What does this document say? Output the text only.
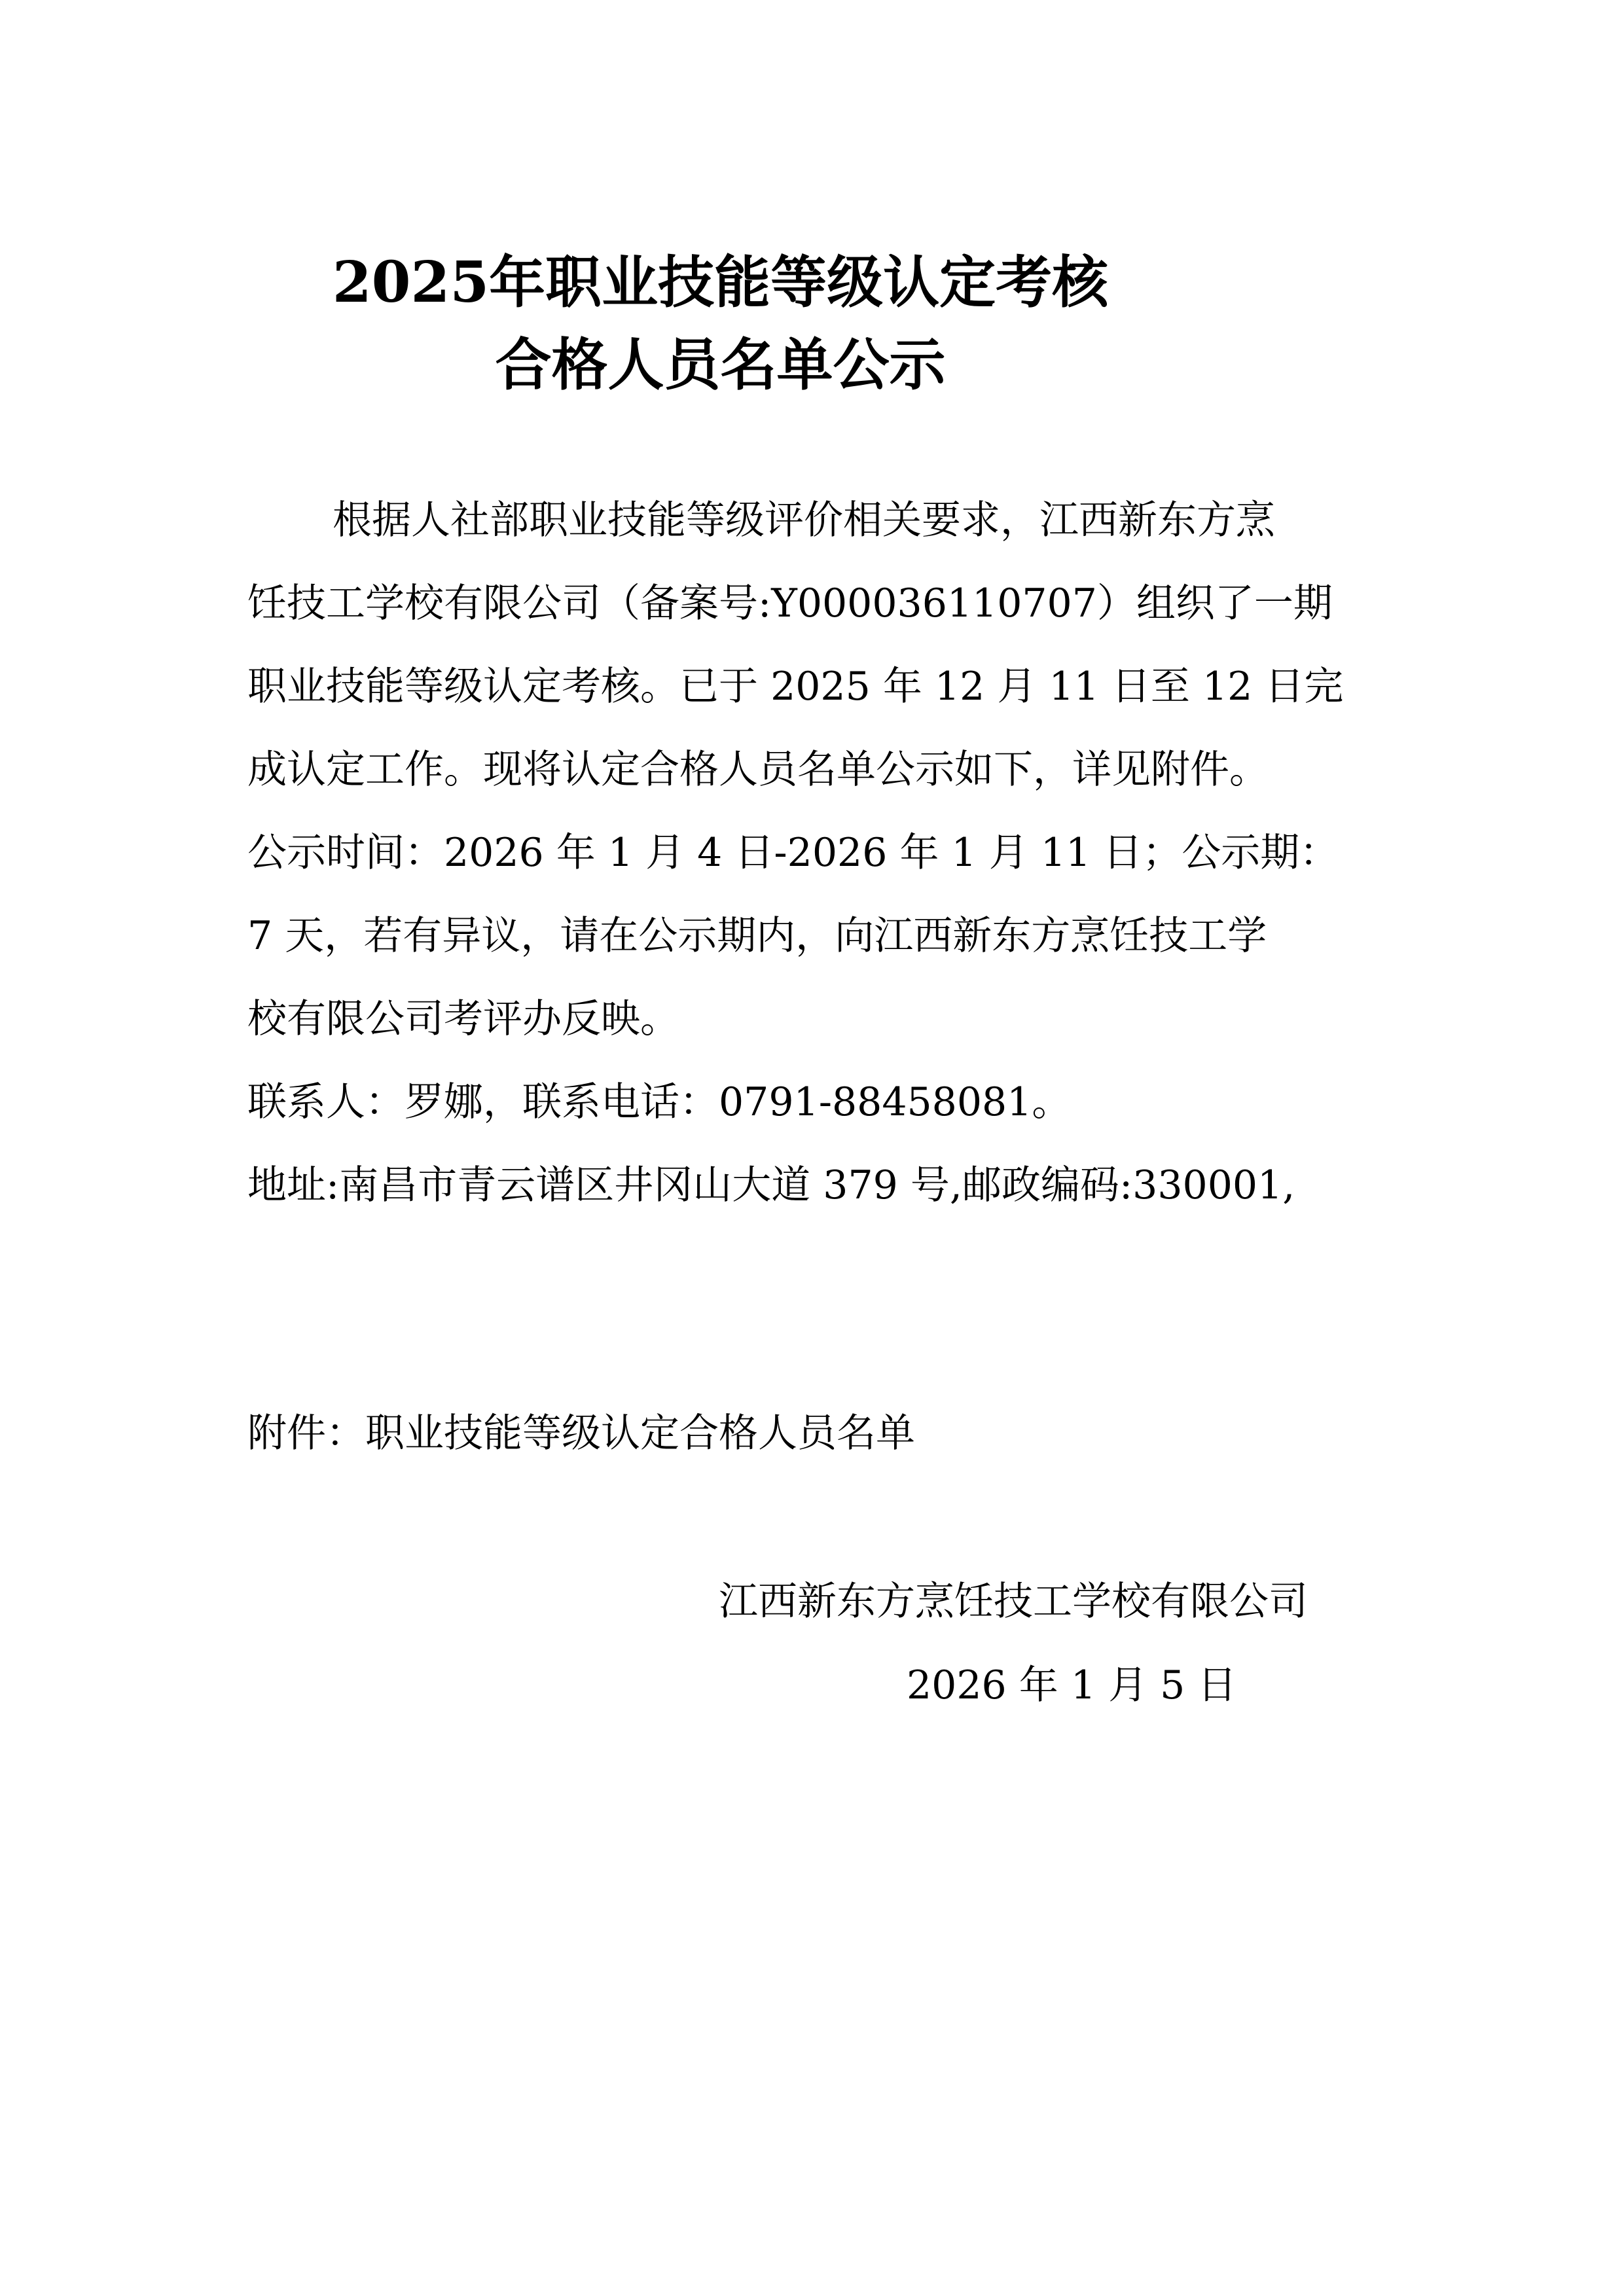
2025年职业技能等级认定考核
合格人员名单公示
根据人社部职业技能等级评价相关要求，江西新东方烹
饪技工学校有限公司（备案号:Y000036110707）组织了一期
职业技能等级认定考核。已于 2025 年 12 月 11 日至 12 日完
成认定工作。现将认定合格人员名单公示如下，详见附件。
公示时间：2026 年 1 月 4 日-2026 年 1 月 11 日；公示期：
7 天，若有异议，请在公示期内，向江西新东方烹饪技工学
校有限公司考评办反映。
联系人：罗娜，联系电话：0791-88458081。
地址:南昌市青云谱区井冈山大道 379 号,邮政编码:330001,
附件：职业技能等级认定合格人员名单
江西新东方烹饪技工学校有限公司
2026 年 1 月 5 日
